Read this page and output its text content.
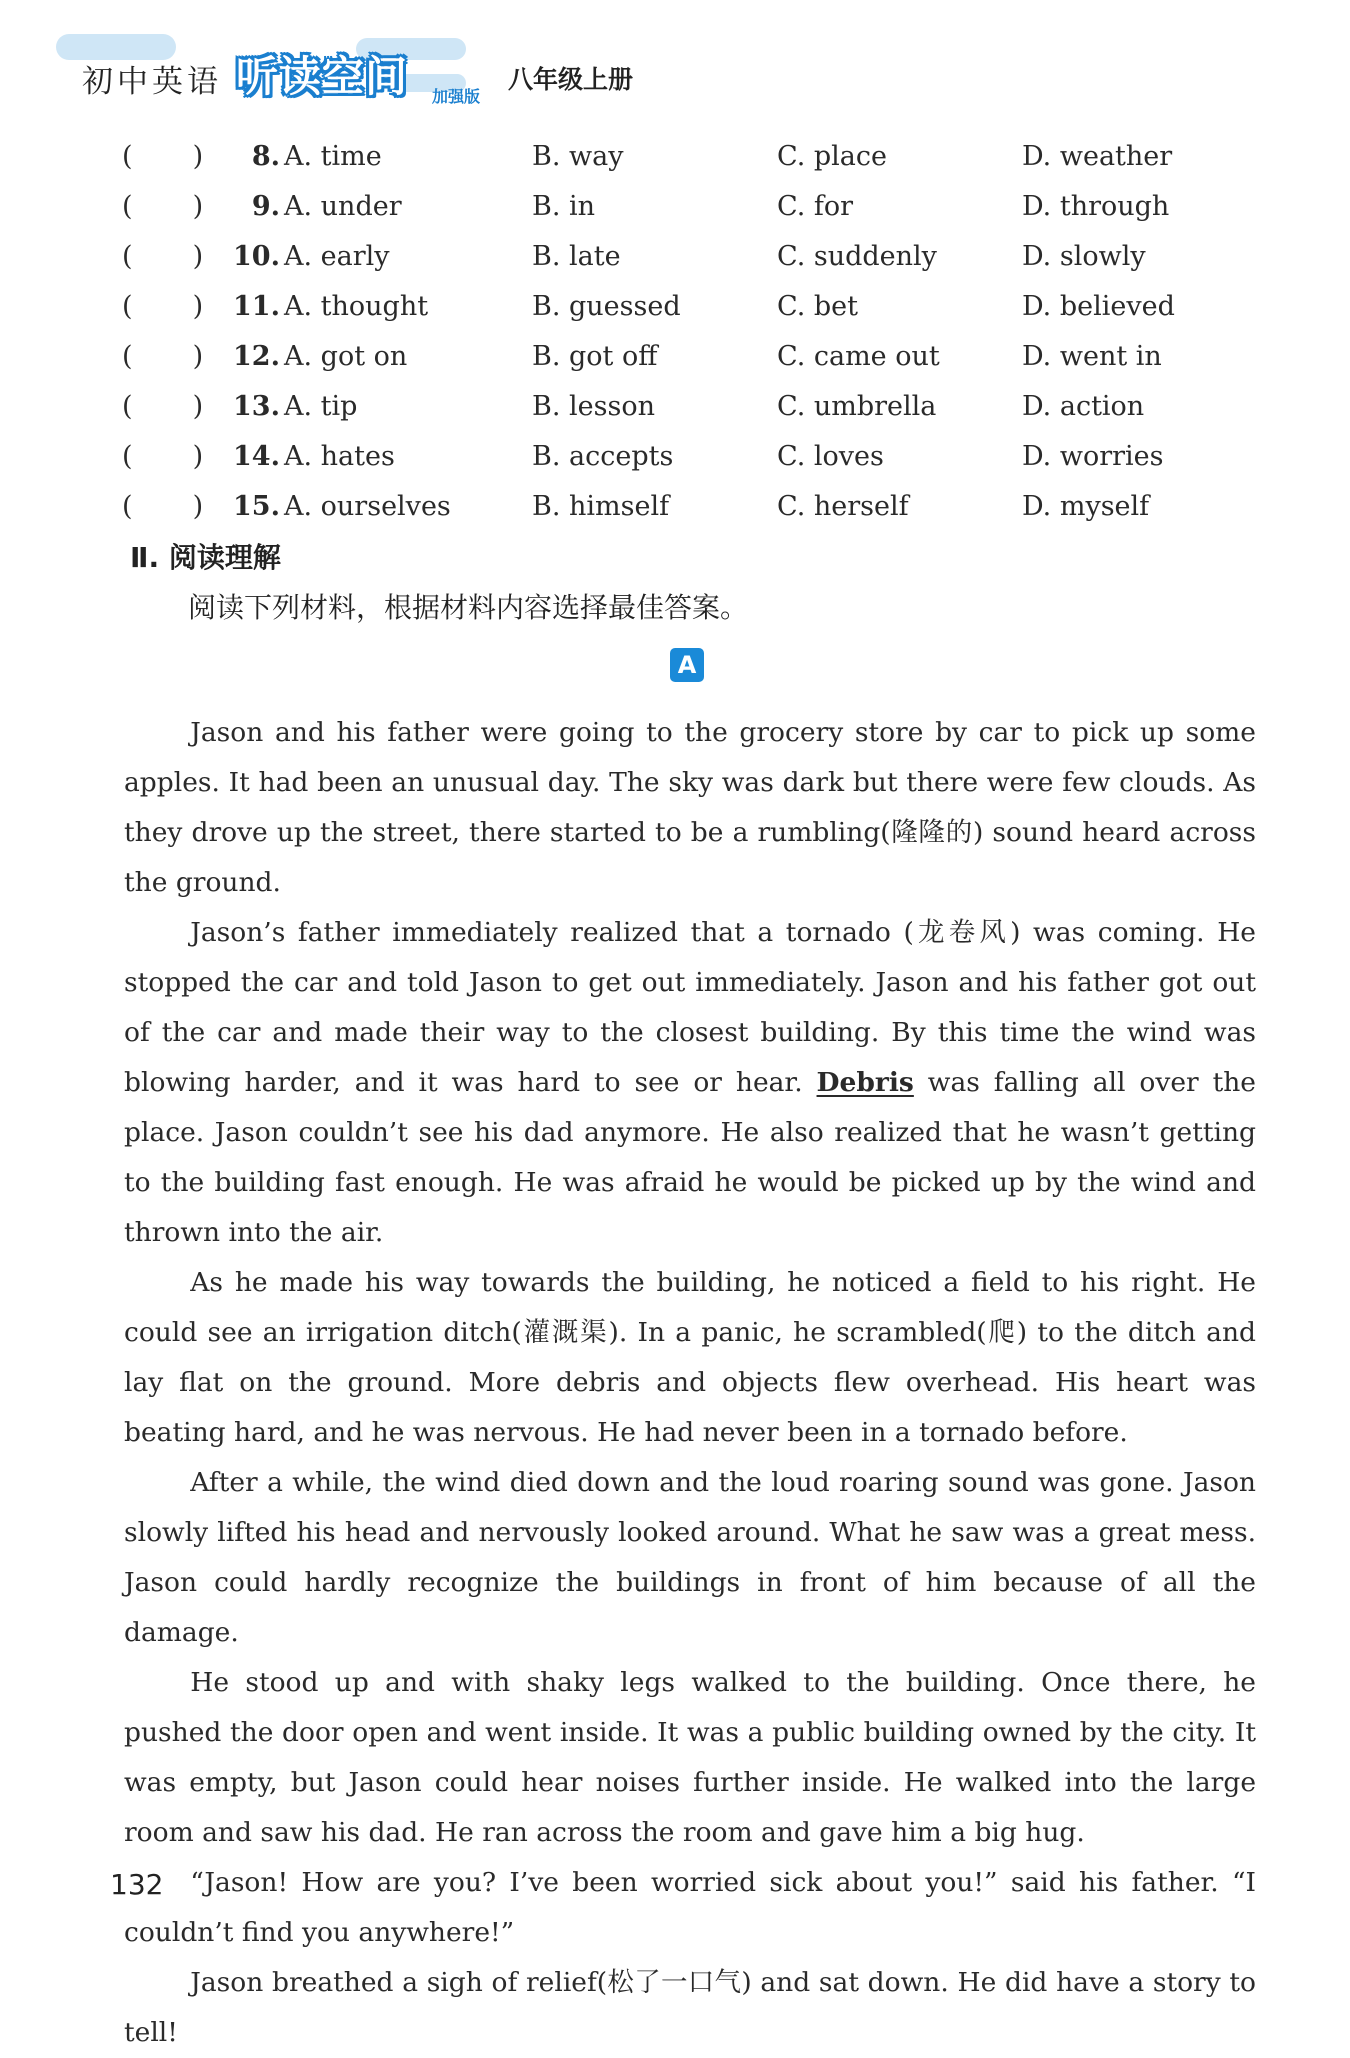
初中英语 听读空间 加强版
八年级上册
(       )	8. A. time	B. way	C. place	D. weather
(       )	9. A. under	B. in	C. for	D. through
(       )	10. A. early	B. late	C. suddenly	D. slowly
(       )	11. A. thought	B. guessed	C. bet	D. believed
(       )	12. A. got on	B. got off	C. came out	D. went in
(       )	13. A. tip	B. lesson	C. umbrella	D. action
(       )	14. A. hates	B. accepts	C. loves	D. worries
(       )	15. A. ourselves	B. himself	C. herself	D. myself
Ⅱ. 阅读理解
阅读下列材料，根据材料内容选择最佳答案。
A

Jason and his father were going to the grocery store by car to pick up some apples. It had been an unusual day. The sky was dark but there were few clouds. As they drove up the street, there started to be a rumbling(隆隆的) sound heard across the ground.

Jason’s father immediately realized that a tornado (龙卷风) was coming. He stopped the car and told Jason to get out immediately. Jason and his father got out of the car and made their way to the closest building. By this time the wind was blowing harder, and it was hard to see or hear. Debris was falling all over the place. Jason couldn’t see his dad anymore. He also realized that he wasn’t getting to the building fast enough. He was afraid he would be picked up by the wind and thrown into the air.

As he made his way towards the building, he noticed a field to his right. He could see an irrigation ditch(灌溉渠). In a panic, he scrambled(爬) to the ditch and lay flat on the ground. More debris and objects flew overhead. His heart was beating hard, and he was nervous. He had never been in a tornado before.

After a while, the wind died down and the loud roaring sound was gone. Jason slowly lifted his head and nervously looked around. What he saw was a great mess. Jason could hardly recognize the buildings in front of him because of all the damage.

He stood up and with shaky legs walked to the building. Once there, he pushed the door open and went inside. It was a public building owned by the city. It was empty, but Jason could hear noises further inside. He walked into the large room and saw his dad. He ran across the room and gave him a big hug.

“Jason! How are you? I’ve been worried sick about you!” said his father. “I couldn’t find you anywhere!”

Jason breathed a sigh of relief(松了一口气) and sat down. He did have a story to tell!

132
